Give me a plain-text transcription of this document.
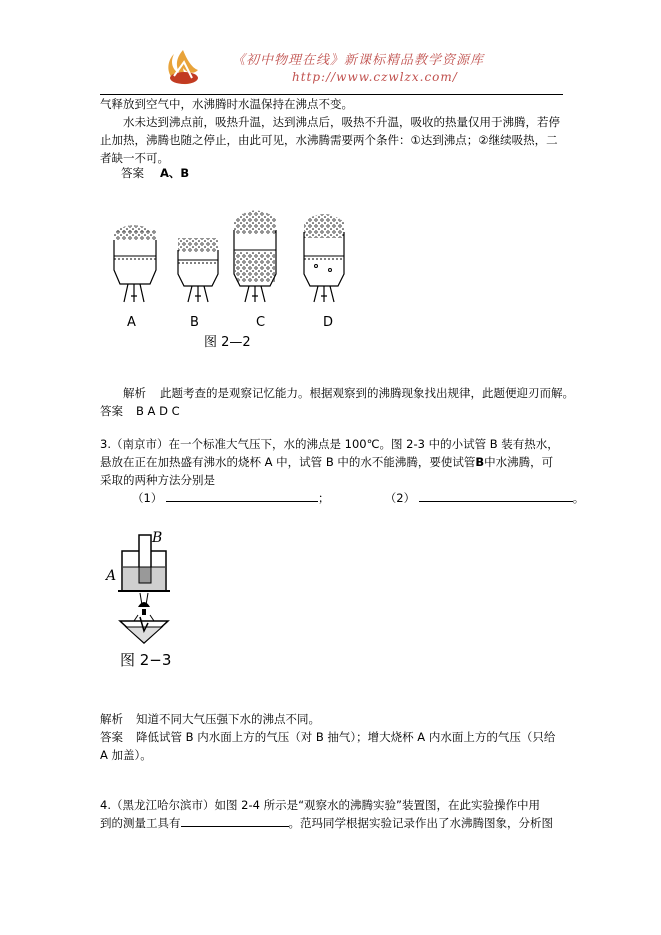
《初中物理在线》新课标精品教学资源库
http://www.czwlzx.com/
气释放到空气中，水沸腾时水温保持在沸点不变。
水未达到沸点前，吸热升温，达到沸点后，吸热不升温，吸收的热量仅用于沸腾，若停
止加热，沸腾也随之停止，由此可见，水沸腾需要两个条件：①达到沸点；②继续吸热，二
者缺一不可。
答案 A、B
A	B	C	D
图 2—2
解析 此题考查的是观察记忆能力。根据观察到的沸腾现象找出规律，此题便迎刃而解。
答案 B A D C
3.（南京市）在一个标准大气压下，水的沸点是 100℃。图 2-3 中的小试管 B 装有热水，
悬放在正在加热盛有沸水的烧杯 A 中，试管 B 中的水不能沸腾，要使试管B中水沸腾，可
采取的两种方法分别是
（1）	；	（2）	。
B
A
图 2−3
解析 知道不同大气压强下水的沸点不同。
答案 降低试管 B 内水面上方的气压（对 B 抽气）；增大烧杯 A 内水面上方的气压（只给
A 加盖）。
4.（黑龙江哈尔滨市）如图 2-4 所示是“观察水的沸腾实验”装置图，在此实验操作中用
到的测量工具有	。范玛同学根据实验记录作出了水沸腾图象，分析图
